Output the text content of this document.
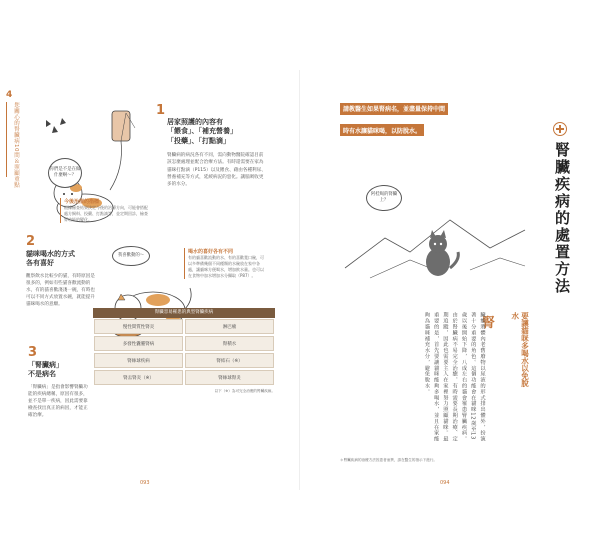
4
您關心的腎臟病10問＆照顧重點	1
居家照護的內容有
「餵食」、「補充營養」
「投藥」、「打點滴」
腎臟病的病況各有不同，需向動物醫院確認目前該怎麼處理並配合治療方法。有時還需要在家為貓咪打點滴（P115）以及餵食、藉由各種利尿、營養補充等方式，延緩病況的惡化。讓腦吸收更多的水分。
你們是不是在做什麼啊～？
今後治療的指標
根據檢查結果決定今後的治療方向，可能會搭配處方飼料、投藥、打點滴等，並定期回診，檢查腎功能的變化。
2
貓咪喝水的方式
各有喜好
觀察飲水比較少的貓，有時原因是很多的，例如有些貓喜歡流動的水，有的貓喜歡淺淺一碗，有時也可以不同方式放置水碗，就能提升貓咪喝水的意願。
我喜歡動的～
喝水的喜好各有不同
有的貓喜歡流動的水、有的喜歡寬口碗，可以多準備幾個不同種類的水碗放在家中各處，讓貓咪方便喝水，增加飲水量。也可以在食物中加水增加水分攝取（P87）。
3
「腎臟病」
不是病名
「腎臟病」是指會影響腎臟功能的疾病總稱，原因有很多，並不是單一疾病，因此需要靠檢查找出真正的病因，才能正確治療。
腎臟容易罹患的典型腎臟疾病
慢性間質性腎炎	淋巴瘤
多發性囊腫腎病	腎積水
腎絲球疾病	腎結石（※）
腎盂腎炎（※）	腎絲球腎炎
以下（※）為可完全治癒的腎臟疾病。
093
請教醫生如果腎病名，並盡量保持中間 時有水讓貓咪喝，以防脫水。
腎臟疾病的處置方法
阿桂喝的腎臟上？
要讓貓咪多喝水以免脫水
腎
臟能將體內老舊廢物以尿液的形式排出體外，扮演著十分重要的角色。這個功能會在貓咪12歲至13歲以後開始下降，八成左右的貓會罹患腎臟疾病。由於腎臟病不易完全治癒，有時需要長期治療、定期追蹤，因此也需要主人在家裡努力照顧貓咪。最重要的是，首先要讓貓咪能夠多喝水，並且在家能夠為貓咪補充水分，避免脫水。
＊腎臟疾病的治療方法因患者而異，請在醫生的指示下進行。
094
